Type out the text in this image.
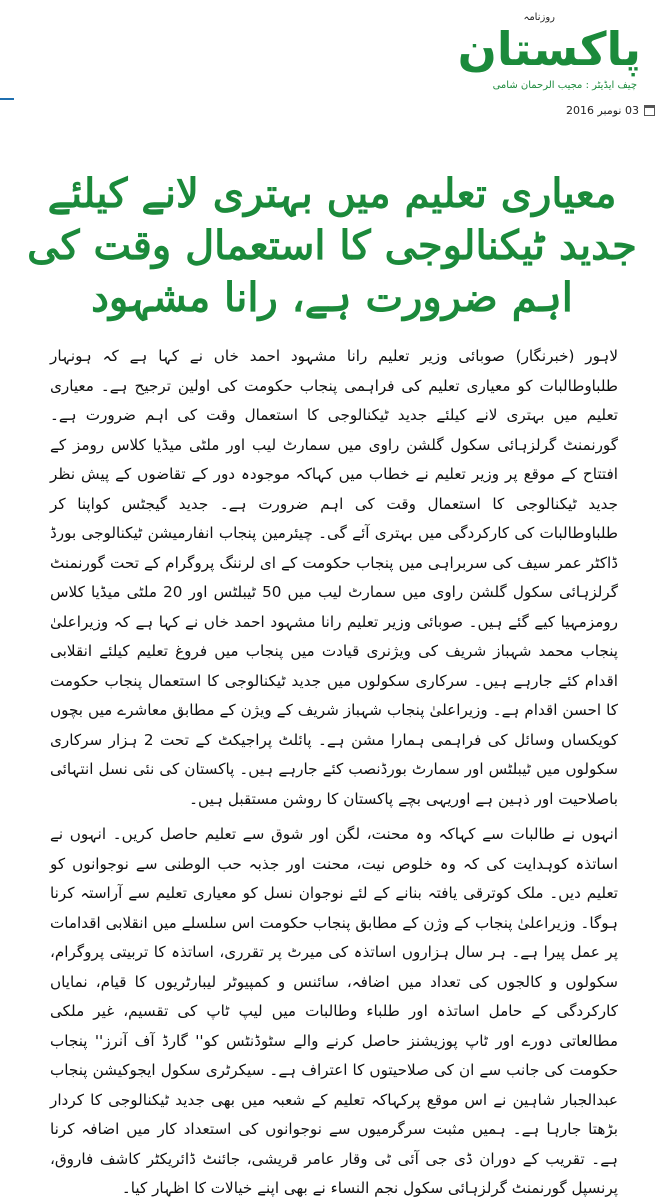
روزنامہ
پاکستان
چیف ایڈیٹر : مجیب الرحمان شامی
03 نومبر 2016
معیاری تعلیم میں بہتری لانے کیلئے جدید ٹیکنالوجی کا استعمال وقت کی اہم ضرورت ہے، رانا مشہود

لاہور (خبرنگار) صوبائی وزیر تعلیم رانا مشہود احمد خاں نے کہا ہے کہ ہونہار طلباوطالبات کو معیاری تعلیم کی فراہمی پنجاب حکومت کی اولین ترجیح ہے۔ معیاری تعلیم میں بہتری لانے کیلئے جدید ٹیکنالوجی کا استعمال وقت کی اہم ضرورت ہے۔ گورنمنٹ گرلزہائی سکول گلشن راوی میں سمارٹ لیب اور ملٹی میڈیا کلاس رومز کے افتتاح کے موقع پر وزیر تعلیم نے خطاب میں کہاکہ موجودہ دور کے تقاضوں کے پیش نظر جدید ٹیکنالوجی کا استعمال وقت کی اہم ضرورت ہے۔ جدید گیجٹس کواپنا کر طلباوطالبات کی کارکردگی میں بہتری آئے گی۔ چیئرمین پنجاب انفارمیشن ٹیکنالوجی بورڈ ڈاکٹر عمر سیف کی سربراہی میں پنجاب حکومت کے ای لرننگ پروگرام کے تحت گورنمنٹ گرلزہائی سکول گلشن راوی میں سمارٹ لیب میں 50 ٹیبلٹس اور 20 ملٹی میڈیا کلاس رومزمہیا کیے گئے ہیں۔ صوبائی وزیر تعلیم رانا مشہود احمد خاں نے کہا ہے کہ وزیراعلیٰ پنجاب محمد شہباز شریف کی ویژنری قیادت میں پنجاب میں فروغ تعلیم کیلئے انقلابی اقدام کئے جارہے ہیں۔ سرکاری سکولوں میں جدید ٹیکنالوجی کا استعمال پنجاب حکومت کا احسن اقدام ہے۔ وزیراعلیٰ پنجاب شہباز شریف کے ویژن کے مطابق معاشرے میں بچوں کویکساں وسائل کی فراہمی ہمارا مشن ہے۔ پائلٹ پراجیکٹ کے تحت 2 ہزار سرکاری سکولوں میں ٹیبلٹس اور سمارٹ بورڈنصب کئے جارہے ہیں۔ پاکستان کی نئی نسل انتہائی باصلاحیت اور ذہین ہے اوریہی بچے پاکستان کا روشن مستقبل ہیں۔

انہوں نے طالبات سے کہاکہ وہ محنت، لگن اور شوق سے تعلیم حاصل کریں۔ انہوں نے اساتذہ کوہدایت کی کہ وہ خلوص نیت، محنت اور جذبہ حب الوطنی سے نوجوانوں کو تعلیم دیں۔ ملک کوترقی یافتہ بنانے کے لئے نوجوان نسل کو معیاری تعلیم سے آراستہ کرنا ہوگا۔ وزیراعلیٰ پنجاب کے وژن کے مطابق پنجاب حکومت اس سلسلے میں انقلابی اقدامات پر عمل پیرا ہے۔ ہر سال ہزاروں اساتذہ کی میرٹ پر تقرری، اساتذہ کا تربیتی پروگرام، سکولوں و کالجوں کی تعداد میں اضافہ، سائنس و کمپیوٹر لیبارٹریوں کا قیام، نمایاں کارکردگی کے حامل اساتذہ اور طلباء وطالبات میں لیپ ٹاپ کی تقسیم، غیر ملکی مطالعاتی دورے اور ٹاپ پوزیشنز حاصل کرنے والے سٹوڈنٹس کو'' گارڈ آف آنرز'' پنجاب حکومت کی جانب سے ان کی صلاحیتوں کا اعتراف ہے۔ سیکرٹری سکول ایجوکیشن پنجاب عبدالجبار شاہین نے اس موقع پرکہاکہ تعلیم کے شعبہ میں بھی جدید ٹیکنالوجی کا کردار بڑھتا جارہا ہے۔ ہمیں مثبت سرگرمیوں سے نوجوانوں کی استعداد کار میں اضافہ کرنا ہے۔ تقریب کے دوران ڈی جی آئی ٹی وقار عامر قریشی، جائنٹ ڈائریکٹر کاشف فاروق، پرنسپل گورنمنٹ گرلزہائی سکول نجم النساء نے بھی اپنے خیالات کا اظہار کیا۔
